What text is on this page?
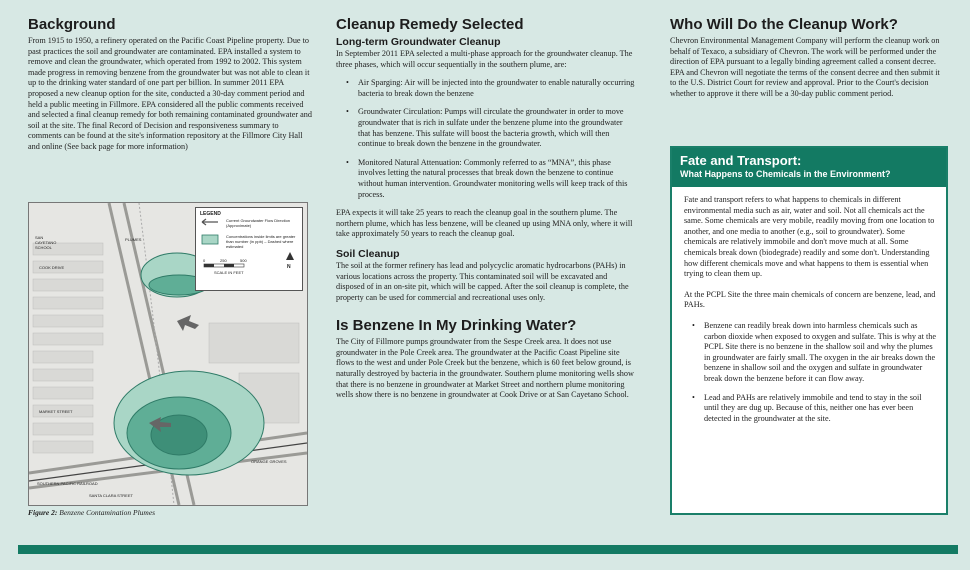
Background

From 1915 to 1950, a refinery operated on the Pacific Coast Pipeline property. Due to past practices the soil and groundwater are contaminated. EPA installed a system to remove and clean the groundwater, which operated from 1992 to 2002. This system made progress in removing benzene from the groundwater but was not able to clean it up to the drinking water standard of one part per billion. In summer 2011 EPA proposed a new cleanup option for the site, conducted a 30-day comment period and held a public meeting in Fillmore. EPA considered all the public comments received and selected a final cleanup remedy for both remaining contaminated groundwater and soil at the site. The final Record of Decision and responsiveness summary to comments can be found at the site's information repository at the Fillmore City Hall and online (See back page for more information)

SAN CAYETANO SCHOOL
PLUMES
COOK DRIVE
MARKET STREET
ORANGE GROVES
SOUTHERN PACIFIC RAILROAD
SANTA CLARA STREET
LEGEND
Current Groundwater Flow Direction (Approximate)
Concentrations inside limits are greater than number (in ppb) – Dashed where estimated
0	250	500
N
SCALE IN FEET
Figure 2: Benzene Contamination Plumes
Cleanup Remedy Selected
Long-term Groundwater Cleanup

In September 2011 EPA selected a multi-phase approach for the groundwater cleanup. The three phases, which will occur sequentially in the southern plume, are:

• Air Sparging: Air will be injected into the groundwater to enable naturally occurring bacteria to break down the benzene
• Groundwater Circulation: Pumps will circulate the groundwater in order to move groundwater that is rich in sulfate under the benzene plume into the groundwater that has benzene. This sulfate will boost the bacteria growth, which will then continue to break down the benzene in the groundwater.
• Monitored Natural Attenuation: Commonly referred to as “MNA”, this phase involves letting the natural processes that break down the benzene to continue without human intervention. Groundwater monitoring wells will keep track of this process.

EPA expects it will take 25 years to reach the cleanup goal in the southern plume. The northern plume, which has less benzene, will be cleaned up using MNA only, where it will take approximately 50 years to reach the cleanup goal.

Soil Cleanup

The soil at the former refinery has lead and polycyclic aromatic hydrocarbons (PAHs) in various locations across the property. This contaminated soil will be excavated and disposed of in an on-site pit, which will be capped. After the soil cleanup is complete, the property can be used for commercial and recreational uses only.

Is Benzene In My Drinking Water?

The City of Fillmore pumps groundwater from the Sespe Creek area. It does not use groundwater in the Pole Creek area. The groundwater at the Pacific Coast Pipeline site flows to the west and under Pole Creek but the benzene, which is 60 feet below ground, is naturally destroyed by bacteria in the groundwater. Southern plume monitoring wells show that there is no benzene in groundwater at Market Street and northern plume monitoring wells show there is no benzene in groundwater at Cook Drive or at San Cayetano School.

Who Will Do the Cleanup Work?

Chevron Environmental Management Company will perform the cleanup work on behalf of Texaco, a subsidiary of Chevron. The work will be performed under the direction of EPA pursuant to a legally binding agreement called a consent decree. EPA and Chevron will negotiate the terms of the consent decree and then submit it to the U.S. District Court for review and approval. Prior to the Court's decision whether to approve it there will be a 30-day public comment period.

Fate and Transport:
What Happens to Chemicals in the Environment?

Fate and transport refers to what happens to chemicals in different environmental media such as air, water and soil. Not all chemicals act the same. Some chemicals are very mobile, readily moving from one location to another, and one media to another (e.g., soil to groundwater). Some chemicals are relatively immobile and don't move much at all. Some chemicals break down (biodegrade) readily and some don't. Understanding how different chemicals move and what happens to them is essential when trying to clean them up.

At the PCPL Site the three main chemicals of concern are benzene, lead, and PAHs.

• Benzene can readily break down into harmless chemicals such as carbon dioxide when exposed to oxygen and sulfate. This is why at the PCPL Site there is no benzene in the shallow soil and why the plumes in groundwater are fairly small. The oxygen in the air breaks down the benzene in shallow soil and the oxygen and sulfate in groundwater break down the benzene before it can flow away.
• Lead and PAHs are relatively immobile and tend to stay in the soil until they are dug up. Because of this, neither one has ever been detected in the groundwater at the site.
